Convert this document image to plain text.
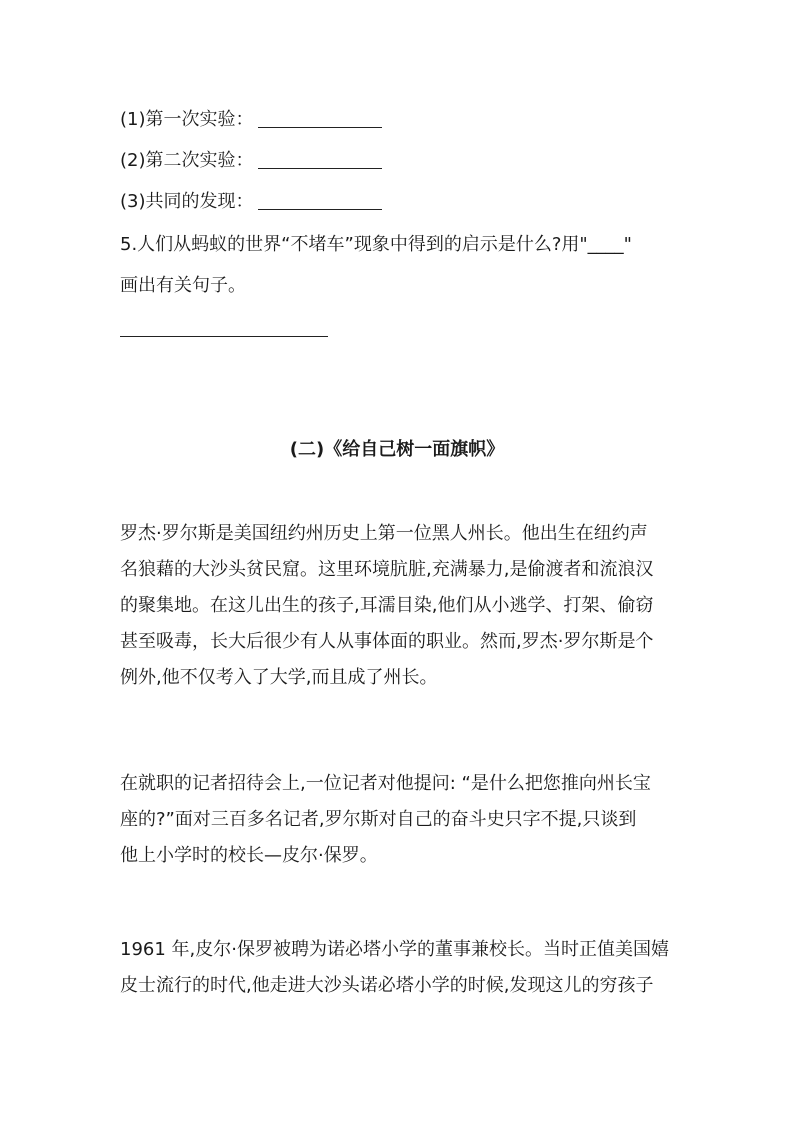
(1)第一次实验：
(2)第二次实验：
(3)共同的发现：
5.人们从蚂蚁的世界“不堵车”现象中得到的启示是什么?用"____"
画出有关句子。
(二)《给自己树一面旗帜》
罗杰·罗尔斯是美国纽约州历史上第一位黑人州长。他出生在纽约声
名狼藉的大沙头贫民窟。这里环境肮脏,充满暴力,是偷渡者和流浪汉
的聚集地。在这儿出生的孩子,耳濡目染,他们从小逃学、打架、偷窃
甚至吸毒，长大后很少有人从事体面的职业。然而,罗杰·罗尔斯是个
例外,他不仅考入了大学,而且成了州长。
在就职的记者招待会上,一位记者对他提问: “是什么把您推向州长宝
座的?”面对三百多名记者,罗尔斯对自己的奋斗史只字不提,只谈到
他上小学时的校长—皮尔·保罗。
1961 年,皮尔·保罗被聘为诺必塔小学的董事兼校长。当时正值美国嬉
皮士流行的时代,他走进大沙头诺必塔小学的时候,发现这儿的穷孩子
